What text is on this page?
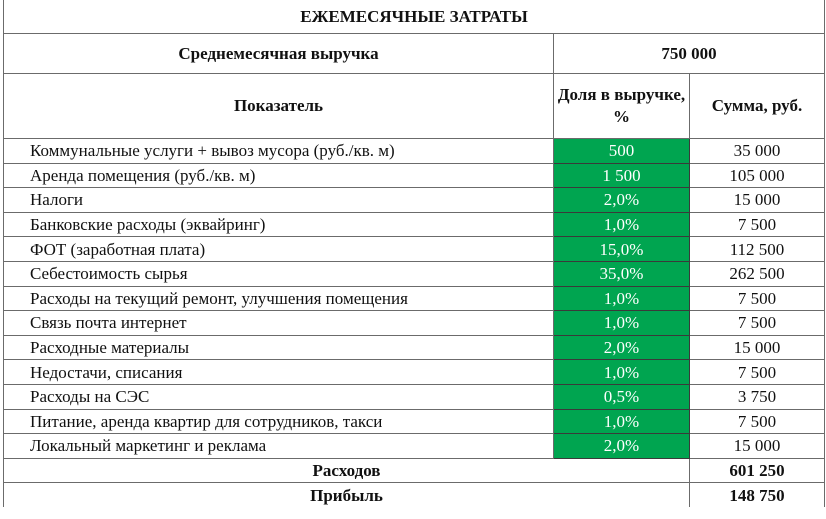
ЕЖЕМЕСЯЧНЫЕ ЗАТРАТЫ		
Среднемесячная выручка	750 000	
Показатель	Доля в выручке, %	Сумма, руб.
Коммунальные услуги + вывоз мусора (руб./кв. м)	500	35 000
Аренда помещения (руб./кв. м)	1 500	105 000
Налоги	2,0%	15 000
Банковские расходы (эквайринг)	1,0%	7 500
ФОТ (заработная плата)	15,0%	112 500
Себестоимость сырья	35,0%	262 500
Расходы на текущий ремонт, улучшения помещения	1,0%	7 500
Связь почта интернет	1,0%	7 500
Расходные материалы	2,0%	15 000
Недостачи, списания	1,0%	7 500
Расходы на СЭС	0,5%	3 750
Питание, аренда квартир для сотрудников, такси	1,0%	7 500
Локальный маркетинг и реклама	2,0%	15 000
Расходов		601 250
Прибыль		148 750
